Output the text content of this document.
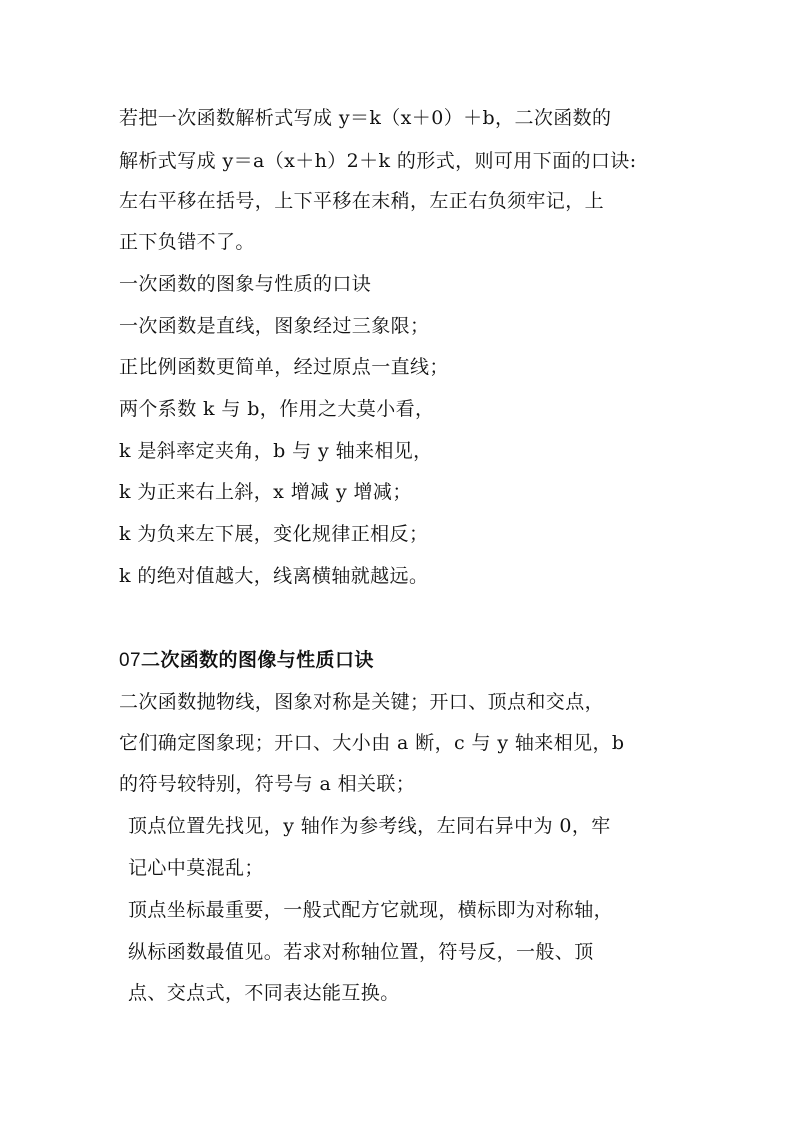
若把一次函数解析式写成 y＝k（x＋0）＋b，二次函数的
解析式写成 y＝a（x＋h）2＋k 的形式，则可用下面的口诀:
左右平移在括号，上下平移在末稍，左正右负须牢记，上
正下负错不了。
一次函数的图象与性质的口诀
一次函数是直线，图象经过三象限；
正比例函数更简单，经过原点一直线；
两个系数 k 与 b，作用之大莫小看，
k 是斜率定夹角，b 与 y 轴来相见，
k 为正来右上斜，x 增减 y 增减；
k 为负来左下展，变化规律正相反；
k 的绝对值越大，线离横轴就越远。
07二次函数的图像与性质口诀
二次函数抛物线，图象对称是关键；开口、顶点和交点，
它们确定图象现；开口、大小由 a 断，c 与 y 轴来相见，b
的符号较特别，符号与 a 相关联；
顶点位置先找见，y 轴作为参考线，左同右异中为 0，牢
记心中莫混乱；
顶点坐标最重要，一般式配方它就现，横标即为对称轴，
纵标函数最值见。若求对称轴位置，符号反，一般、顶
点、交点式，不同表达能互换。
